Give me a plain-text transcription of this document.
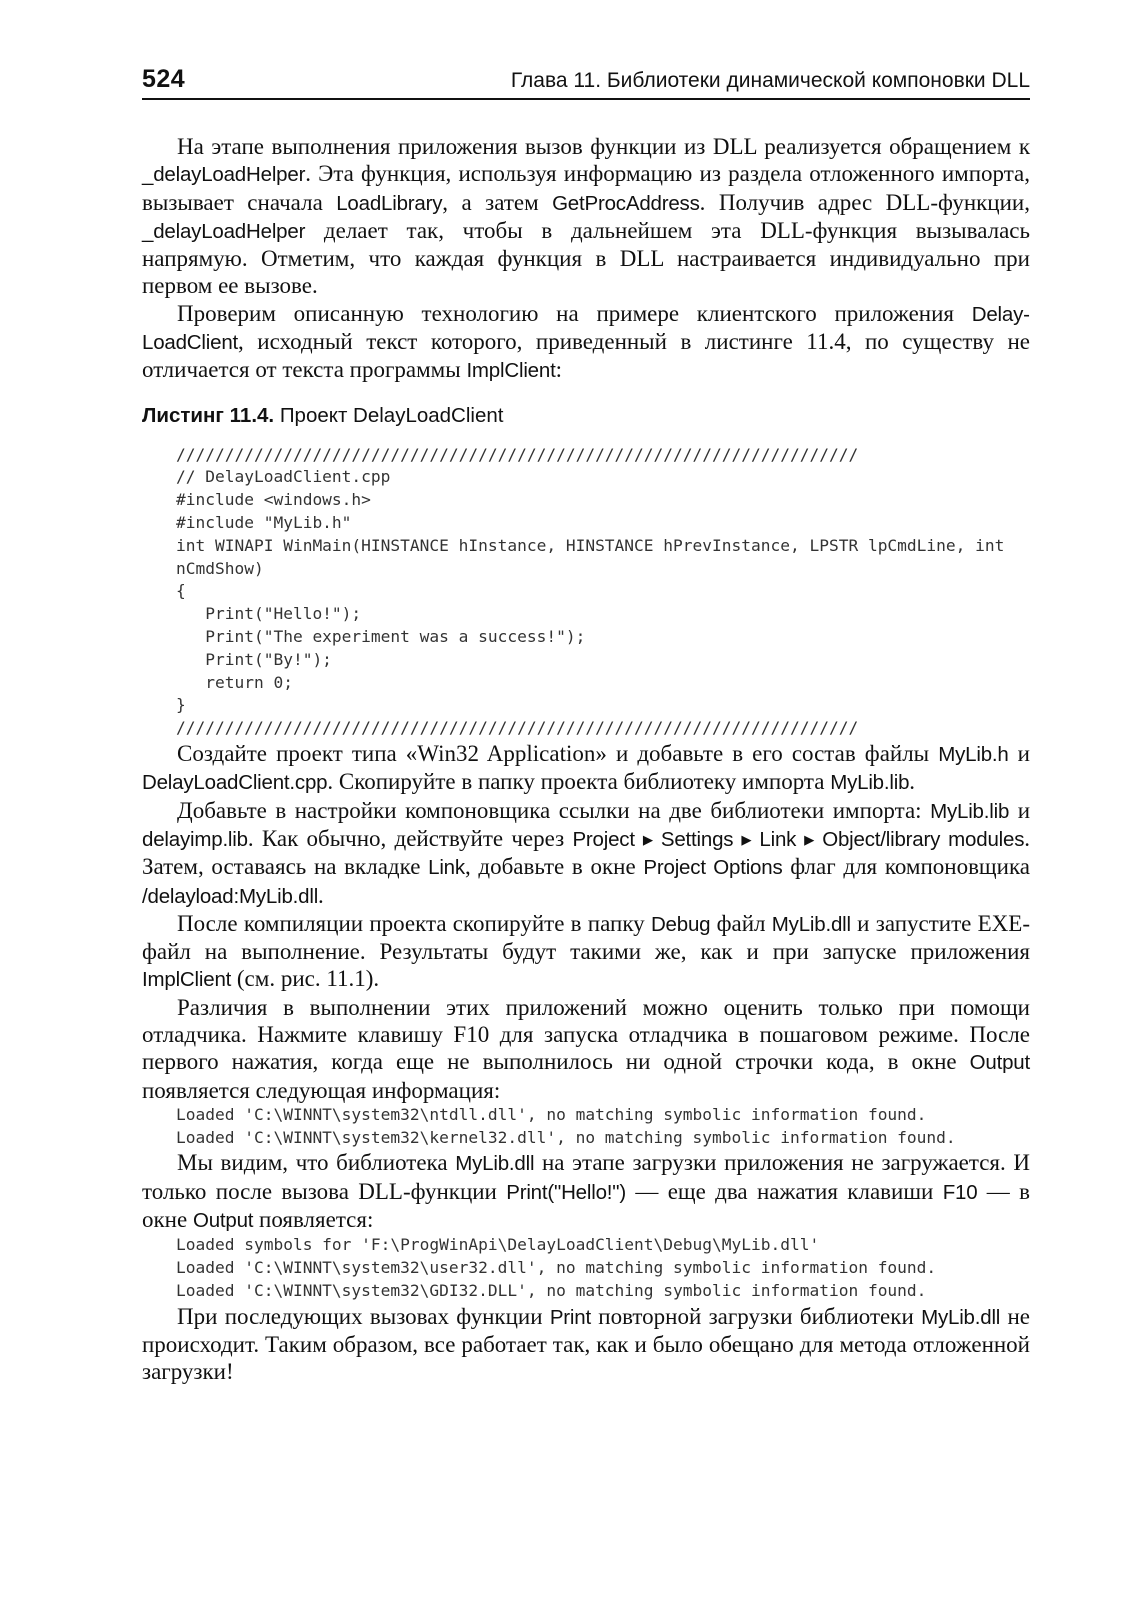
524	Глава 11. Библиотеки динамической компоновки DLL

На этапе выполнения приложения вызов функции из DLL реализуется обращением к _delayLoadHelper. Эта функция, используя информацию из раздела отложенного импорта, вызывает сначала LoadLibrary, а затем GetProcAddress. Получив адрес DLL-функции, _delayLoadHelper делает так, чтобы в дальнейшем эта DLL-функция вызывалась напрямую. Отметим, что каждая функция в DLL настраивается индивидуально при первом ее вызове.

Проверим описанную технологию на примере клиентского приложения DelayLoadClient, исходный текст которого, приведенный в листинге 11.4, по существу не отличается от текста программы ImplClient:

Листинг 11.4. Проект DelayLoadClient
//////////////////////////////////////////////////////////////////////
// DelayLoadClient.cpp
#include <windows.h>
#include "MyLib.h"
int WINAPI WinMain(HINSTANCE hInstance, HINSTANCE hPrevInstance, LPSTR lpCmdLine, int
nCmdShow)
{
Print("Hello!");
Print("The experiment was a success!");
Print("By!");
return 0;
}
//////////////////////////////////////////////////////////////////////

Создайте проект типа «Win32 Application» и добавьте в его состав файлы MyLib.h и DelayLoadClient.cpp. Скопируйте в папку проекта библиотеку импорта MyLib.lib.

Добавьте в настройки компоновщика ссылки на две библиотеки импорта: MyLib.lib и delayimp.lib. Как обычно, действуйте через Project ▸ Settings ▸ Link ▸ Object/library modules. Затем, оставаясь на вкладке Link, добавьте в окне Project Options флаг для компоновщика /delayload:MyLib.dll.

После компиляции проекта скопируйте в папку Debug файл MyLib.dll и запустите EXE-файл на выполнение. Результаты будут такими же, как и при запуске приложения ImplClient (см. рис. 11.1).

Различия в выполнении этих приложений можно оценить только при помощи отладчика. Нажмите клавишу F10 для запуска отладчика в пошаговом режиме. После первого нажатия, когда еще не выполнилось ни одной строчки кода, в окне Output появляется следующая информация:

Loaded 'C:\WINNT\system32\ntdll.dll', no matching symbolic information found.
Loaded 'C:\WINNT\system32\kernel32.dll', no matching symbolic information found.

Мы видим, что библиотека MyLib.dll на этапе загрузки приложения не загружается. И только после вызова DLL-функции Print("Hello!") — еще два нажатия клавиши F10 — в окне Output появляется:

Loaded symbols for 'F:\ProgWinApi\DelayLoadClient\Debug\MyLib.dll'
Loaded 'C:\WINNT\system32\user32.dll', no matching symbolic information found.
Loaded 'C:\WINNT\system32\GDI32.DLL', no matching symbolic information found.

При последующих вызовах функции Print повторной загрузки библиотеки MyLib.dll не происходит. Таким образом, все работает так, как и было обещано для метода отложенной загрузки!
